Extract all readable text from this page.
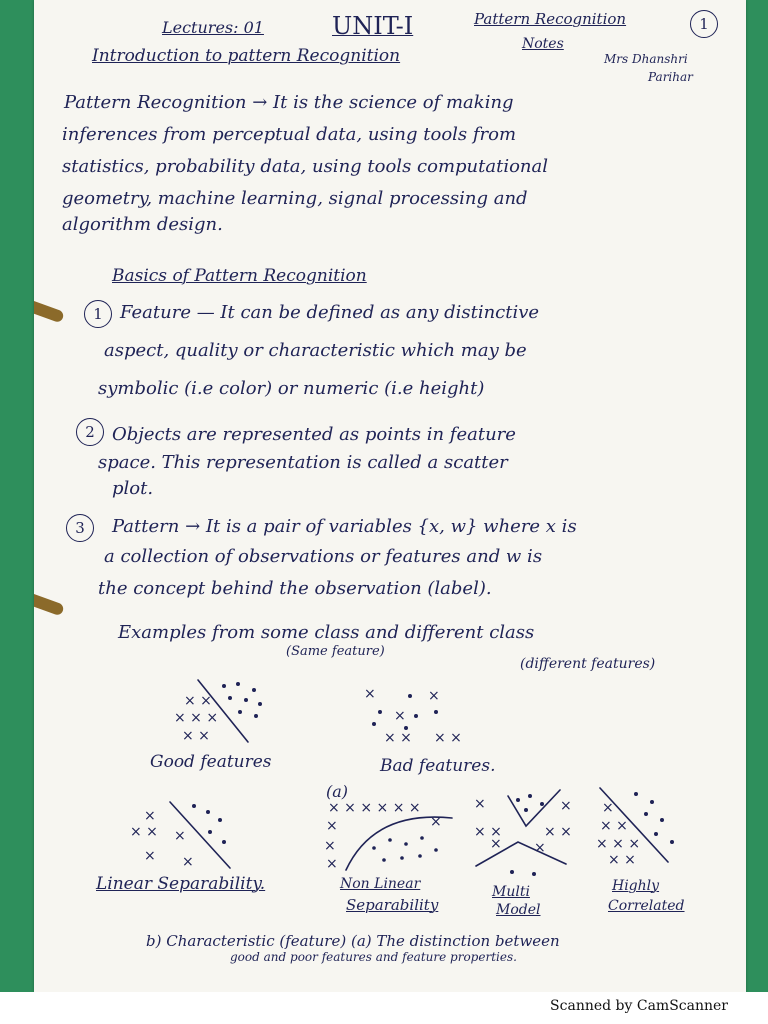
Lectures: 01	UNIT-I	Pattern Recognition
Notes
1
Introduction to pattern Recognition	Mrs Dhanshri
Parihar
Pattern Recognition → It is the science of making
inferences from perceptual data, using tools from
statistics, probability data, using tools computational
geometry, machine learning, signal processing and
algorithm design.
Basics of Pattern Recognition
1 Feature — It can be defined as any distinctive
aspect, quality or characteristic which may be
symbolic (i.e color) or numeric (i.e height)
2 Objects are represented as points in feature
space. This representation is called a scatter
plot.
3	Pattern → It is a pair of variables {x, w} where x is
a collection of observations or features and w is
the concept behind the observation (label).
Examples from some class and different class
(Same feature)
(different features)
× ×
× × ×
× ×
×	×
×
× × × ×
×
× × ×
× ×
× × × × × ×
×	×
×
×
×	×
× ×	× ×
× ×
×
× ×
× × ×
× ×
Good features	Bad features.
(a)
Linear Separability.	Non Linear
Separability
Multi
Model
Highly
Correlated
b) Characteristic (feature) (a) The distinction between
good and poor features and feature properties.
Scanned by CamScanner
